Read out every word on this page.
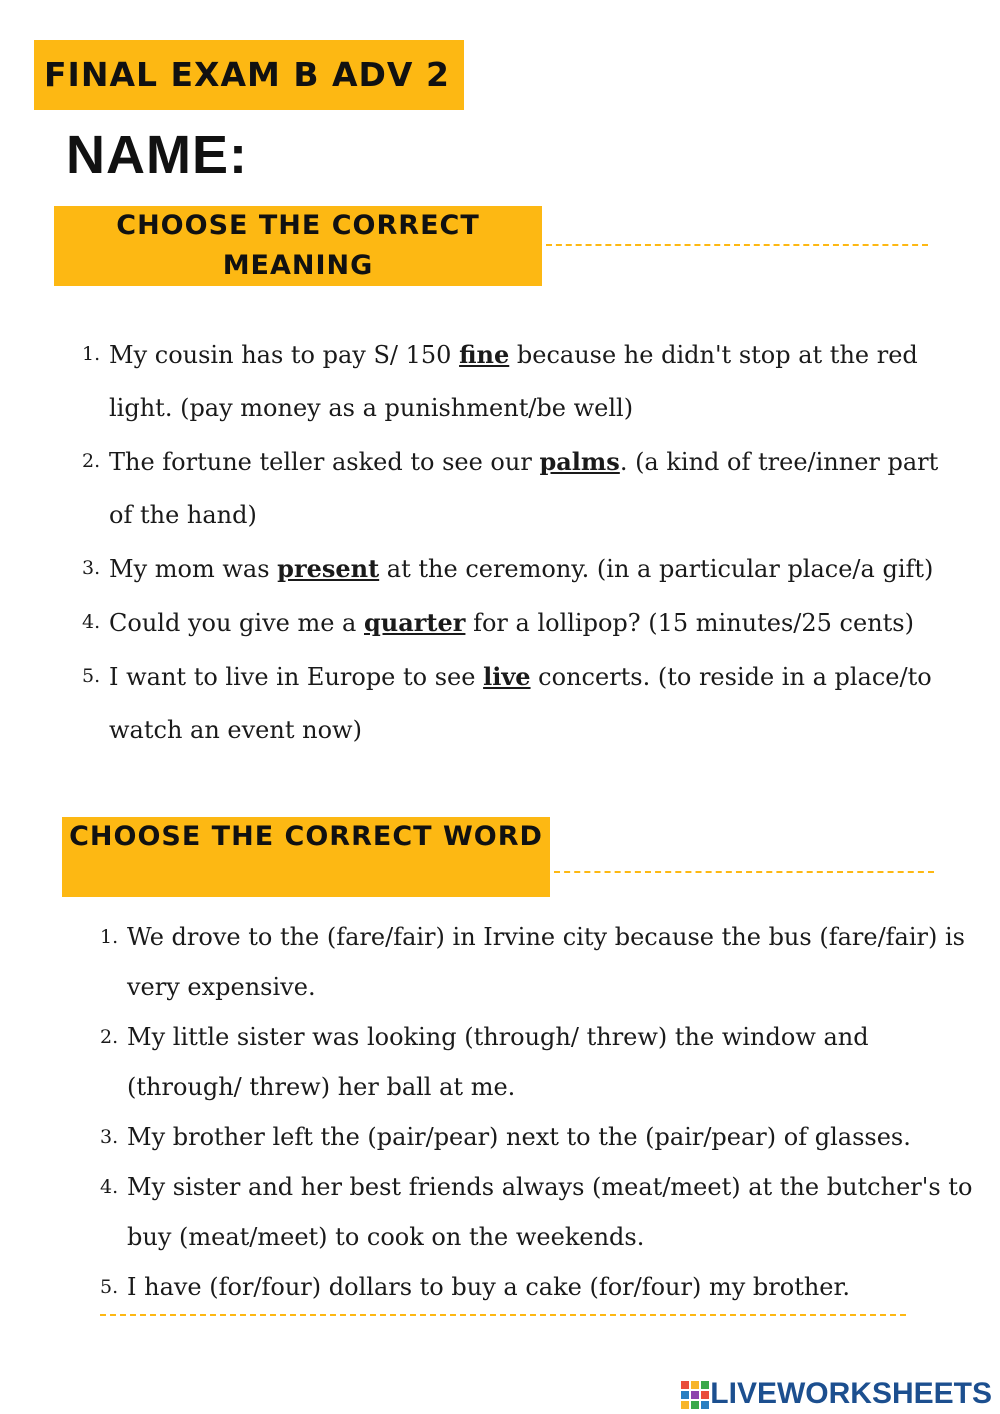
FINAL EXAM B ADV 2
NAME:
CHOOSE THE CORRECT MEANING
1. My cousin has to pay S/ 150 fine because he didn't stop at the red light. (pay money as a punishment/be well)
2. The fortune teller asked to see our palms. (a kind of tree/inner part of the hand)
3. My mom was present at the ceremony. (in a particular place/a gift)
4. Could you give me a quarter for a lollipop? (15 minutes/25 cents)
5. I want to live in Europe to see live concerts. (to reside in a place/to watch an event now)
CHOOSE THE CORRECT WORD
1. We drove to the (fare/fair) in Irvine city because the bus (fare/fair) is very expensive.
2. My little sister was looking (through/ threw) the window and (through/ threw) her ball at me.
3. My brother left the (pair/pear) next to the (pair/pear) of glasses.
4. My sister and her best friends always (meat/meet) at the butcher's to buy (meat/meet) to cook on the weekends.
5. I have (for/four) dollars to buy a cake (for/four) my brother.
LIVEWORKSHEETS
